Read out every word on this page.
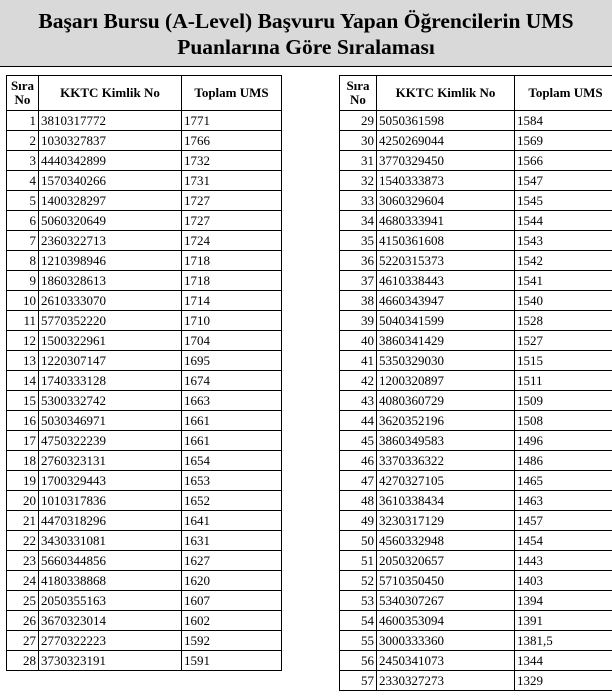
Başarı Bursu (A-Level) Başvuru Yapan Öğrencilerin UMS
Puanlarına Göre Sıralaması
Sıra
No	KKTC Kimlik No	Toplam UMS
1	3810317772	1771
2	1030327837	1766
3	4440342899	1732
4	1570340266	1731
5	1400328297	1727
6	5060320649	1727
7	2360322713	1724
8	1210398946	1718
9	1860328613	1718
10	2610333070	1714
11	5770352220	1710
12	1500322961	1704
13	1220307147	1695
14	1740333128	1674
15	5300332742	1663
16	5030346971	1661
17	4750322239	1661
18	2760323131	1654
19	1700329443	1653
20	1010317836	1652
21	4470318296	1641
22	3430331081	1631
23	5660344856	1627
24	4180338868	1620
25	2050355163	1607
26	3670323014	1602
27	2770322223	1592
28	3730323191	1591
Sıra
No	KKTC Kimlik No	Toplam UMS
29	5050361598	1584
30	4250269044	1569
31	3770329450	1566
32	1540333873	1547
33	3060329604	1545
34	4680333941	1544
35	4150361608	1543
36	5220315373	1542
37	4610338443	1541
38	4660343947	1540
39	5040341599	1528
40	3860341429	1527
41	5350329030	1515
42	1200320897	1511
43	4080360729	1509
44	3620352196	1508
45	3860349583	1496
46	3370336322	1486
47	4270327105	1465
48	3610338434	1463
49	3230317129	1457
50	4560332948	1454
51	2050320657	1443
52	5710350450	1403
53	5340307267	1394
54	4600353094	1391
55	3000333360	1381,5
56	2450341073	1344
57	2330327273	1329
